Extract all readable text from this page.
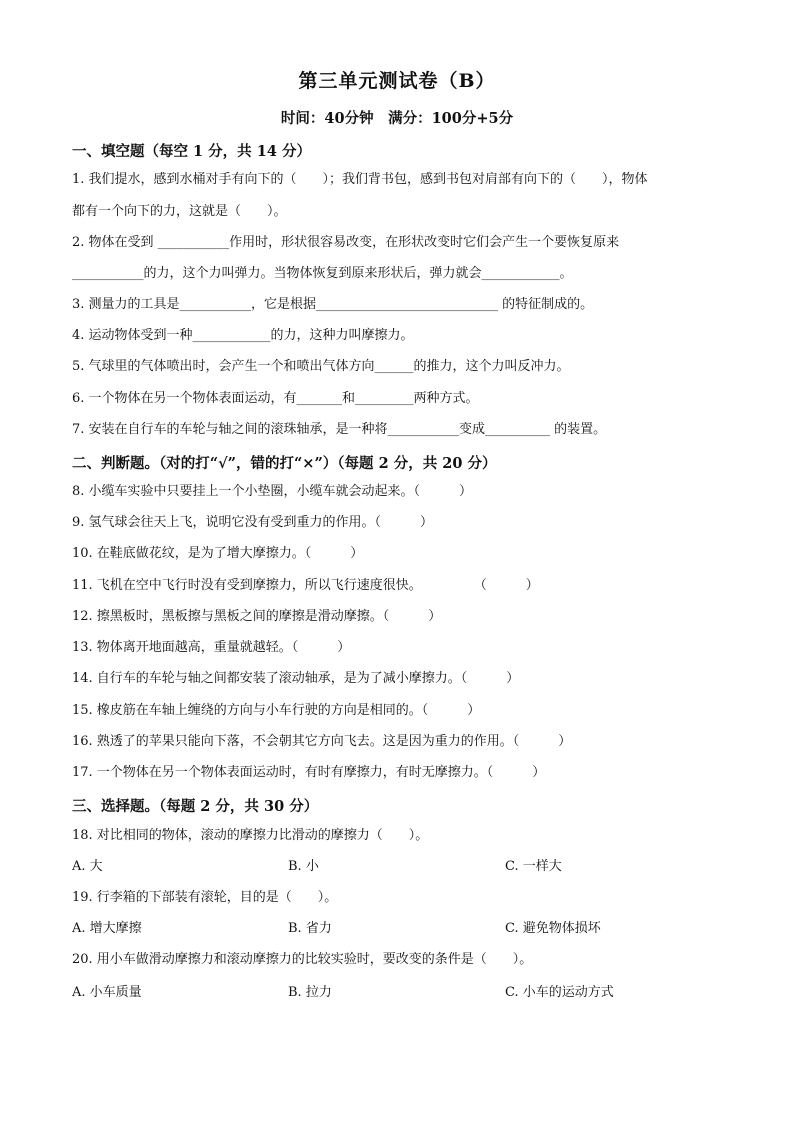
第三单元测试卷（B）
时间：40分钟　满分：100分+5分
一、填空题（每空 1 分，共 14 分）
1. 我们提水，感到水桶对手有向下的（　　）；我们背书包，感到书包对肩部有向下的（　　），物体
都有一个向下的力，这就是（　　）。
2. 物体在受到 ___________作用时，形状很容易改变，在形状改变时它们会产生一个要恢复原来
___________的力，这个力叫弹力。当物体恢复到原来形状后，弹力就会____________。
3. 测量力的工具是___________，它是根据____________________________ 的特征制成的。
4. 运动物体受到一种____________的力，这种力叫摩擦力。
5. 气球里的气体喷出时，会产生一个和喷出气体方向______的推力，这个力叫反冲力。
6. 一个物体在另一个物体表面运动，有_______和_________两种方式。
7. 安装在自行车的车轮与轴之间的滚珠轴承，是一种将___________变成__________ 的装置。
二、判断题。（对的打“√”，错的打“×”）（每题 2 分，共 20 分）
8. 小缆车实验中只要挂上一个小垫圈，小缆车就会动起来。（　　　）
9. 氢气球会往天上飞，说明它没有受到重力的作用。（　　　）
10. 在鞋底做花纹，是为了增大摩擦力。（　　　）
11. 飞机在空中飞行时没有受到摩擦力，所以飞行速度很快。　　　　　（　　　）
12. 擦黑板时，黑板擦与黑板之间的摩擦是滑动摩擦。（　　　）
13. 物体离开地面越高，重量就越轻。（　　　）
14. 自行车的车轮与轴之间都安装了滚动轴承，是为了减小摩擦力。（　　　）
15. 橡皮筋在车轴上缠绕的方向与小车行驶的方向是相同的。（　　　）
16. 熟透了的苹果只能向下落，不会朝其它方向飞去。这是因为重力的作用。（　　　）
17. 一个物体在另一个物体表面运动时，有时有摩擦力，有时无摩擦力。（　　　）
三、选择题。（每题 2 分，共 30 分）
18. 对比相同的物体，滚动的摩擦力比滑动的摩擦力（　　）。
A. 大	B. 小	C. 一样大
19. 行李箱的下部装有滚轮，目的是（　　）。
A. 增大摩擦	B. 省力	C. 避免物体损坏
20. 用小车做滑动摩擦力和滚动摩擦力的比较实验时，要改变的条件是（　　）。
A. 小车质量	B. 拉力	C. 小车的运动方式
